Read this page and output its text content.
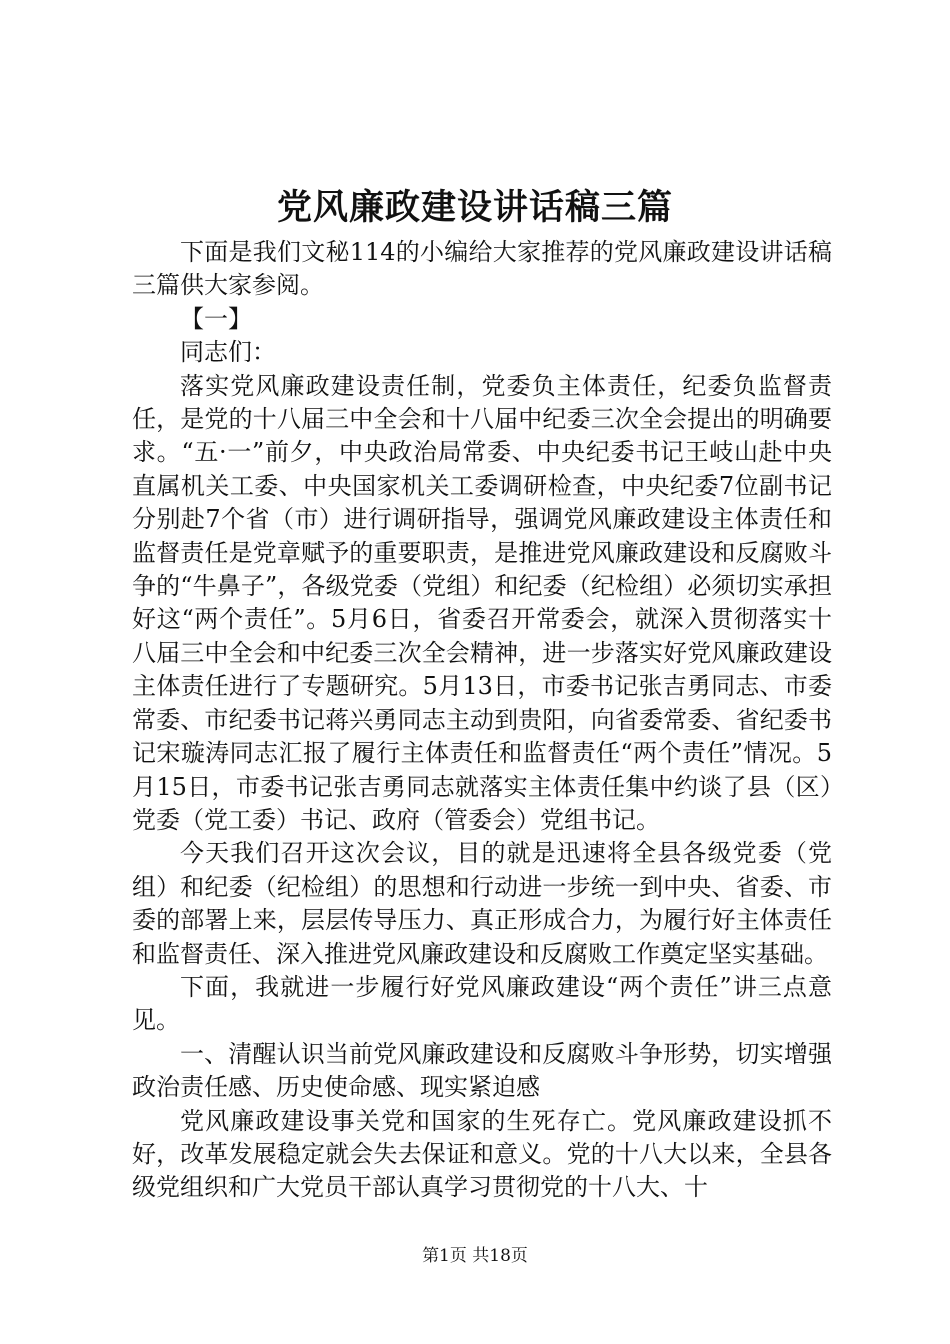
党风廉政建设讲话稿三篇

下面是我们文秘114的小编给大家推荐的党风廉政建设讲话稿三篇供大家参阅。

【一】

同志们：

落实党风廉政建设责任制，党委负主体责任，纪委负监督责任，是党的十八届三中全会和十八届中纪委三次全会提出的明确要求。“五·一”前夕，中央政治局常委、中央纪委书记王岐山赴中央直属机关工委、中央国家机关工委调研检查，中央纪委7位副书记分别赴7个省（市）进行调研指导，强调党风廉政建设主体责任和监督责任是党章赋予的重要职责，是推进党风廉政建设和反腐败斗争的“牛鼻子”，各级党委（党组）和纪委（纪检组）必须切实承担好这“两个责任”。5月6日，省委召开常委会，就深入贯彻落实十八届三中全会和中纪委三次全会精神，进一步落实好党风廉政建设主体责任进行了专题研究。5月13日，市委书记张吉勇同志、市委常委、市纪委书记蒋兴勇同志主动到贵阳，向省委常委、省纪委书记宋璇涛同志汇报了履行主体责任和监督责任“两个责任”情况。5月15日，市委书记张吉勇同志就落实主体责任集中约谈了县（区）党委（党工委）书记、政府（管委会）党组书记。

今天我们召开这次会议，目的就是迅速将全县各级党委（党组）和纪委（纪检组）的思想和行动进一步统一到中央、省委、市委的部署上来，层层传导压力、真正形成合力，为履行好主体责任和监督责任、深入推进党风廉政建设和反腐败工作奠定坚实基础。

下面，我就进一步履行好党风廉政建设“两个责任”讲三点意见。

一、清醒认识当前党风廉政建设和反腐败斗争形势，切实增强政治责任感、历史使命感、现实紧迫感

党风廉政建设事关党和国家的生死存亡。党风廉政建设抓不好，改革发展稳定就会失去保证和意义。党的十八大以来，全县各级党组织和广大党员干部认真学习贯彻党的十八大、十

第1页 共18页
